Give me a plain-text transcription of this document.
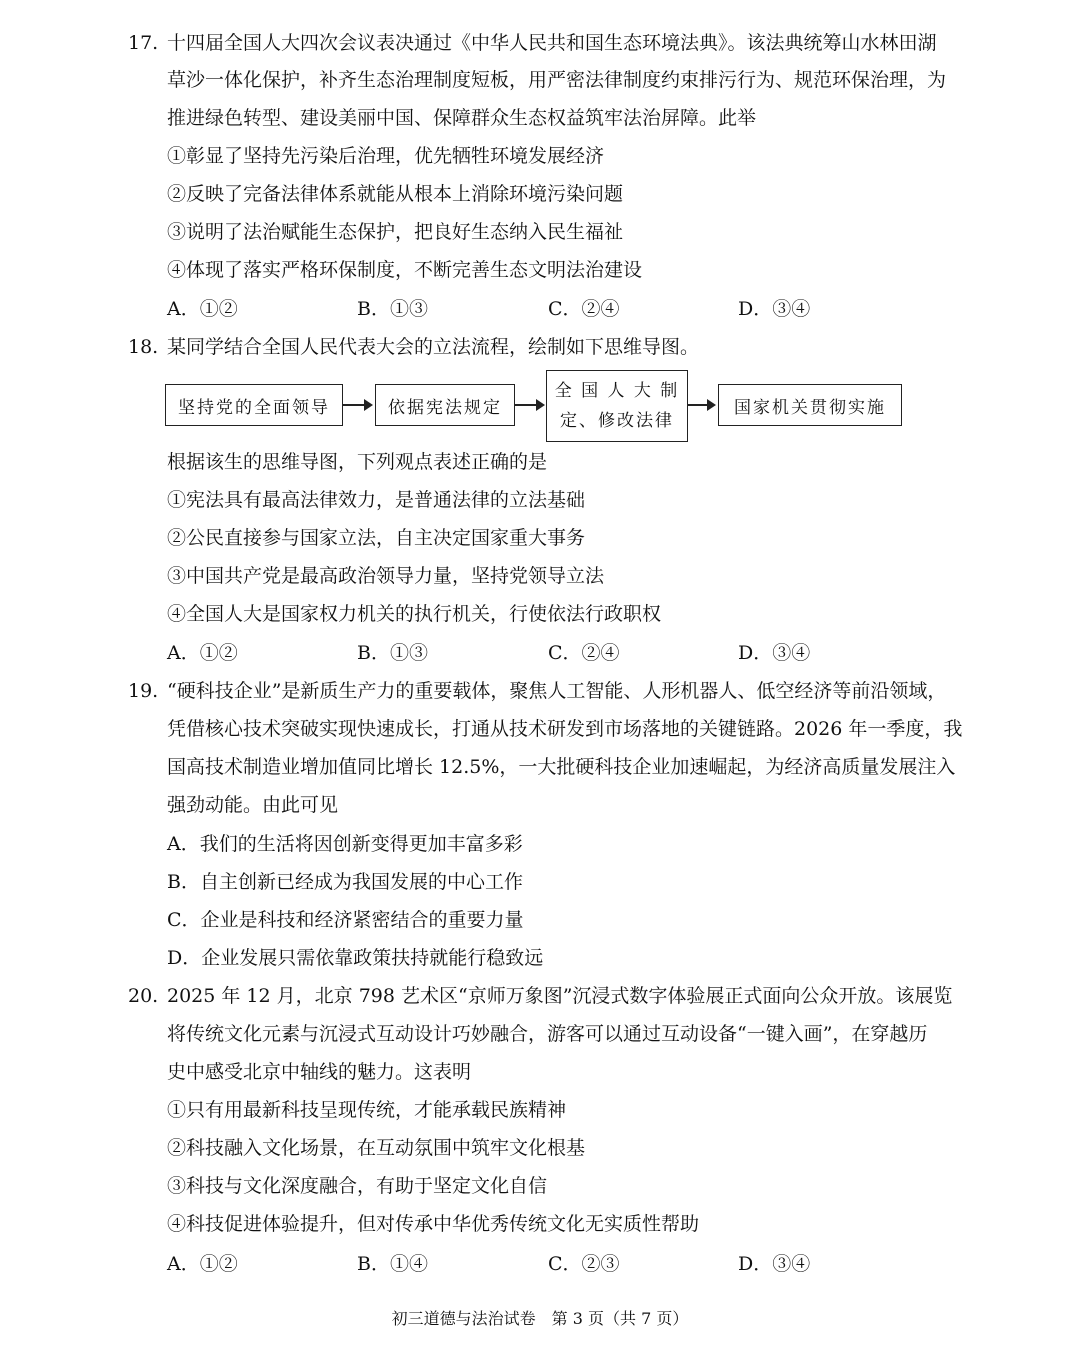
17. 十四届全国人大四次会议表决通过《中华人民共和国生态环境法典》。该法典统筹山水林田湖
草沙一体化保护，补齐生态治理制度短板，用严密法律制度约束排污行为、规范环保治理，为
推进绿色转型、建设美丽中国、保障群众生态权益筑牢法治屏障。此举
①彰显了坚持先污染后治理，优先牺牲环境发展经济
②反映了完备法律体系就能从根本上消除环境污染问题
③说明了法治赋能生态保护，把良好生态纳入民生福祉
④体现了落实严格环保制度，不断完善生态文明法治建设
A．①②	B．①③	C．②④	D．③④
18. 某同学结合全国人民代表大会的立法流程，绘制如下思维导图。
坚持党的全面领导	依据宪法规定
全 国 人 大 制
定、修改法律
国家机关贯彻实施
根据该生的思维导图，下列观点表述正确的是
①宪法具有最高法律效力，是普通法律的立法基础
②公民直接参与国家立法，自主决定国家重大事务
③中国共产党是最高政治领导力量，坚持党领导立法
④全国人大是国家权力机关的执行机关，行使依法行政职权
A．①②	B．①③	C．②④	D．③④
19. “硬科技企业”是新质生产力的重要载体，聚焦人工智能、人形机器人、低空经济等前沿领域，
凭借核心技术突破实现快速成长，打通从技术研发到市场落地的关键链路。2026 年一季度，我
国高技术制造业增加值同比增长 12.5%，一大批硬科技企业加速崛起，为经济高质量发展注入
强劲动能。由此可见
A．我们的生活将因创新变得更加丰富多彩
B．自主创新已经成为我国发展的中心工作
C．企业是科技和经济紧密结合的重要力量
D．企业发展只需依靠政策扶持就能行稳致远
20. 2025 年 12 月，北京 798 艺术区“京师万象图”沉浸式数字体验展正式面向公众开放。该展览
将传统文化元素与沉浸式互动设计巧妙融合，游客可以通过互动设备“一键入画”，在穿越历
史中感受北京中轴线的魅力。这表明
①只有用最新科技呈现传统，才能承载民族精神
②科技融入文化场景，在互动氛围中筑牢文化根基
③科技与文化深度融合，有助于坚定文化自信
④科技促进体验提升，但对传承中华优秀传统文化无实质性帮助
A．①②	B．①④	C．②③	D．③④
初三道德与法治试卷　第 3 页（共 7 页）
